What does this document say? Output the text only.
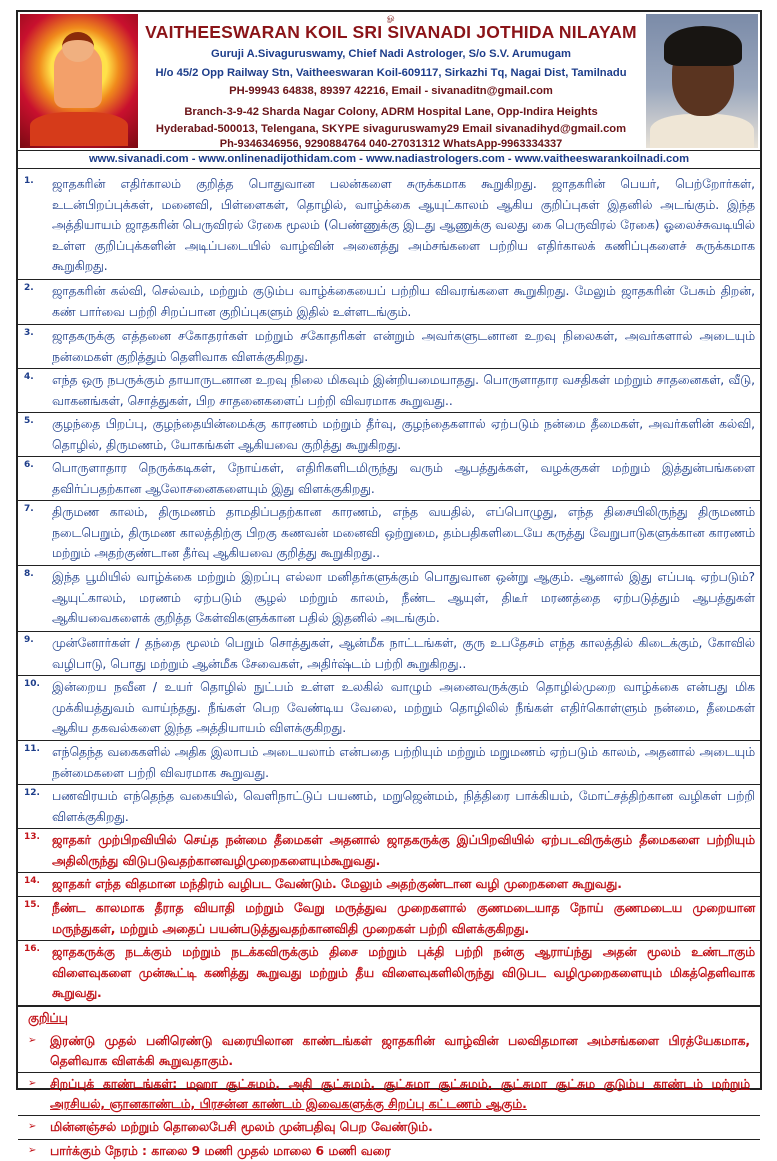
ௐ
VAITHEESWARAN KOIL SRI SIVANADI JOTHIDA NILAYAM
Guruji A.Sivaguruswamy, Chief Nadi Astrologer, S/o S.V. Arumugam
H/o 45/2 Opp Railway Stn, Vaitheeswaran Koil-609117, Sirkazhi Tq, Nagai Dist, Tamilnadu
PH-99943 64838, 89397 42216, Email - sivanaditn@gmail.com
Branch-3-9-42 Sharda Nagar Colony, ADRM Hospital Lane, Opp-Indira Heights
Hyderabad-500013, Telengana, SKYPE sivaguruswamy29 Email sivanadihyd@gmail.com
Ph-9346346956, 9290884764 040-27031312 WhatsApp-9963334337
www.sivanadi.com - www.onlinenadijothidam.com - www.nadiastrologers.com - www.vaitheeswarankoilnadi.com
1.	ஜாதகரின் எதிர்காலம் குறித்த பொதுவான பலன்களை சுருக்கமாக கூறுகிறது. ஜாதகரின் பெயர், பெற்றோர்கள், உடன்பிறப்புக்கள், மனைவி, பிள்ளைகள், தொழில், வாழ்க்கை ஆயுட்காலம் ஆகிய குறிப்புகள் இதனில் அடங்கும். இந்த அத்தியாயம் ஜாதகரின் பெருவிரல் ரேகை மூலம் (பெண்ணுக்கு இடது ஆணுக்கு வலது கை பெருவிரல் ரேகை) ஓலைச்சுவடியில் உள்ள குறிப்புக்களின் அடிப்படையில் வாழ்வின் அனைத்து அம்சங்களை பற்றிய எதிர்காலக் கணிப்புகளைச் சுருக்கமாக கூறுகிறது.
2.	ஜாதகரின் கல்வி, செல்வம், மற்றும் குடும்ப வாழ்க்கையைப் பற்றிய விவரங்களை கூறுகிறது. மேலும் ஜாதகரின் பேசும் திறன், கண் பார்வை பற்றி சிறப்பான குறிப்புகளும் இதில் உள்ளடங்கும்.
3.	ஜாதகருக்கு எத்தனை சகோதரர்கள் மற்றும் சகோதரிகள் என்றும் அவர்களுடனான உறவு நிலைகள், அவர்களால் அடையும் நன்மைகள் குறித்தும் தெளிவாக விளக்குகிறது.
4.	எந்த ஒரு நபருக்கும் தாயாருடனான உறவு நிலை மிகவும் இன்றியமையாதது. பொருளாதார வசதிகள் மற்றும் சாதனைகள், வீடு, வாகனங்கள், சொத்துகள், பிற சாதனைகளைப் பற்றி விவரமாக கூறுவது..
5.	குழந்தை பிறப்பு, குழந்தையின்மைக்கு காரணம் மற்றும் தீர்வு, குழந்தைகளால் ஏற்படும் நன்மை தீமைகள், அவர்களின் கல்வி, தொழில், திருமணம், யோகங்கள் ஆகியவை குறித்து கூறுகிறது.
6.	பொருளாதார நெருக்கடிகள், நோய்கள், எதிரிகளிடமிருந்து வரும் ஆபத்துக்கள், வழக்குகள் மற்றும் இத்துன்பங்களை தவிர்ப்பதற்கான ஆலோசனைகளையும் இது விளக்குகிறது.
7.	திருமண காலம், திருமணம் தாமதிப்பதற்கான காரணம், எந்த வயதில், எப்பொழுது, எந்த திசையிலிருந்து திருமணம் நடைபெறும், திருமண காலத்திற்கு பிறகு கணவன் மனைவி ஒற்றுமை, தம்பதிகளிடையே கருத்து வேறுபாடுகளுக்கான காரணம் மற்றும் அதற்குண்டான தீர்வு ஆகியவை குறித்து கூறுகிறது..
8.	இந்த பூமியில் வாழ்க்கை மற்றும் இறப்பு எல்லா மனிதர்களுக்கும் பொதுவான ஒன்று ஆகும். ஆனால் இது எப்படி ஏற்படும்? ஆயுட்காலம், மரணம் ஏற்படும் சூழல் மற்றும் காலம், நீண்ட ஆயுள், திடீர் மரணத்தை ஏற்படுத்தும் ஆபத்துகள் ஆகியவைகளைக் குறித்த கேள்விகளுக்கான பதில் இதனில் அடங்கும்.
9.	முன்னோர்கள் / தந்தை மூலம் பெறும் சொத்துகள், ஆன்மீக நாட்டங்கள், குரு உபதேசம் எந்த காலத்தில் கிடைக்கும், கோவில் வழிபாடு, பொது மற்றும் ஆன்மீக சேவைகள், அதிர்ஷ்டம் பற்றி கூறுகிறது..
10. இன்றைய நவீன / உயர் தொழில் நுட்பம் உள்ள உலகில் வாழும் அனைவருக்கும் தொழில்முறை வாழ்க்கை என்பது மிக முக்கியத்துவம் வாய்ந்தது. நீங்கள் பெற வேண்டிய வேலை, மற்றும் தொழிலில் நீங்கள் எதிர்கொள்ளும் நன்மை, தீமைகள் ஆகிய தகவல்களை இந்த அத்தியாயம் விளக்குகிறது.
11. எந்தெந்த வகைகளில் அதிக இலாபம் அடையலாம் என்பதை பற்றியும் மற்றும் மறுமணம் ஏற்படும் காலம், அதனால் அடையும் நன்மைகளை பற்றி விவரமாக கூறுவது.
12. பணவிரயம் எந்தெந்த வகையில், வெளிநாட்டுப் பயணம், மறுஜென்மம், நித்திரை பாக்கியம், மோட்சத்திற்கான வழிகள் பற்றி விளக்குகிறது.
13. ஜாதகர் முற்பிறவியில் செய்த நன்மை தீமைகள் அதனால் ஜாதகருக்கு இப்பிறவியில் ஏற்படவிருக்கும் தீமைகளை பற்றியும் அதிலிருந்து விடுபடுவதற்கானவழிமுறைகளையும்கூறுவது.
14. ஜாதகர் எந்த விதமான மந்திரம் வழிபட வேண்டும். மேலும் அதற்குண்டான வழி முறைகளை கூறுவது.
15. நீண்ட காலமாக தீராத வியாதி மற்றும் வேறு மருத்துவ முறைகளால் குணமடையாத நோய் குணமடைய முறையான மருந்துகள், மற்றும் அதைப் பயன்படுத்துவதற்கானவிதி முறைகள் பற்றி விளக்குகிறது.
16. ஜாதகருக்கு நடக்கும் மற்றும் நடக்கவிருக்கும் திசை மற்றும் புக்தி பற்றி நன்கு ஆராய்ந்து அதன் மூலம் உண்டாகும் விளைவுகளை முன்கூட்டி கணித்து கூறுவது மற்றும் தீய விளைவுகளிலிருந்து விடுபட வழிமுறைகளையும் மிகத்தெளிவாக கூறுவது.
குறிப்பு
➢ இரண்டு முதல் பனிரெண்டு வரையிலான காண்டங்கள் ஜாதகரின் வாழ்வின் பலவிதமான அம்சங்களை பிரத்யேகமாக, தெளிவாக விளக்கி கூறுவதாகும்.
➢ சிறப்புக் காண்டங்கள்: மஹா சூட்சுமம், அதி சூட்சுமம், சூட்சுமா சூட்சுமம், சூட்சுமா சூட்சும குடும்ப காண்டம் மற்றும் அரசியல், ஞானகாண்டம், பிரசன்ன காண்டம் இவைகளுக்கு சிறப்பு கட்டணம் ஆகும்.
➢ மின்னஞ்சல் மற்றும் தொலைபேசி மூலம் முன்பதிவு பெற வேண்டும்.
➢ பார்க்கும் நேரம் : காலை 9 மணி முதல் மாலை 6 மணி வரை
